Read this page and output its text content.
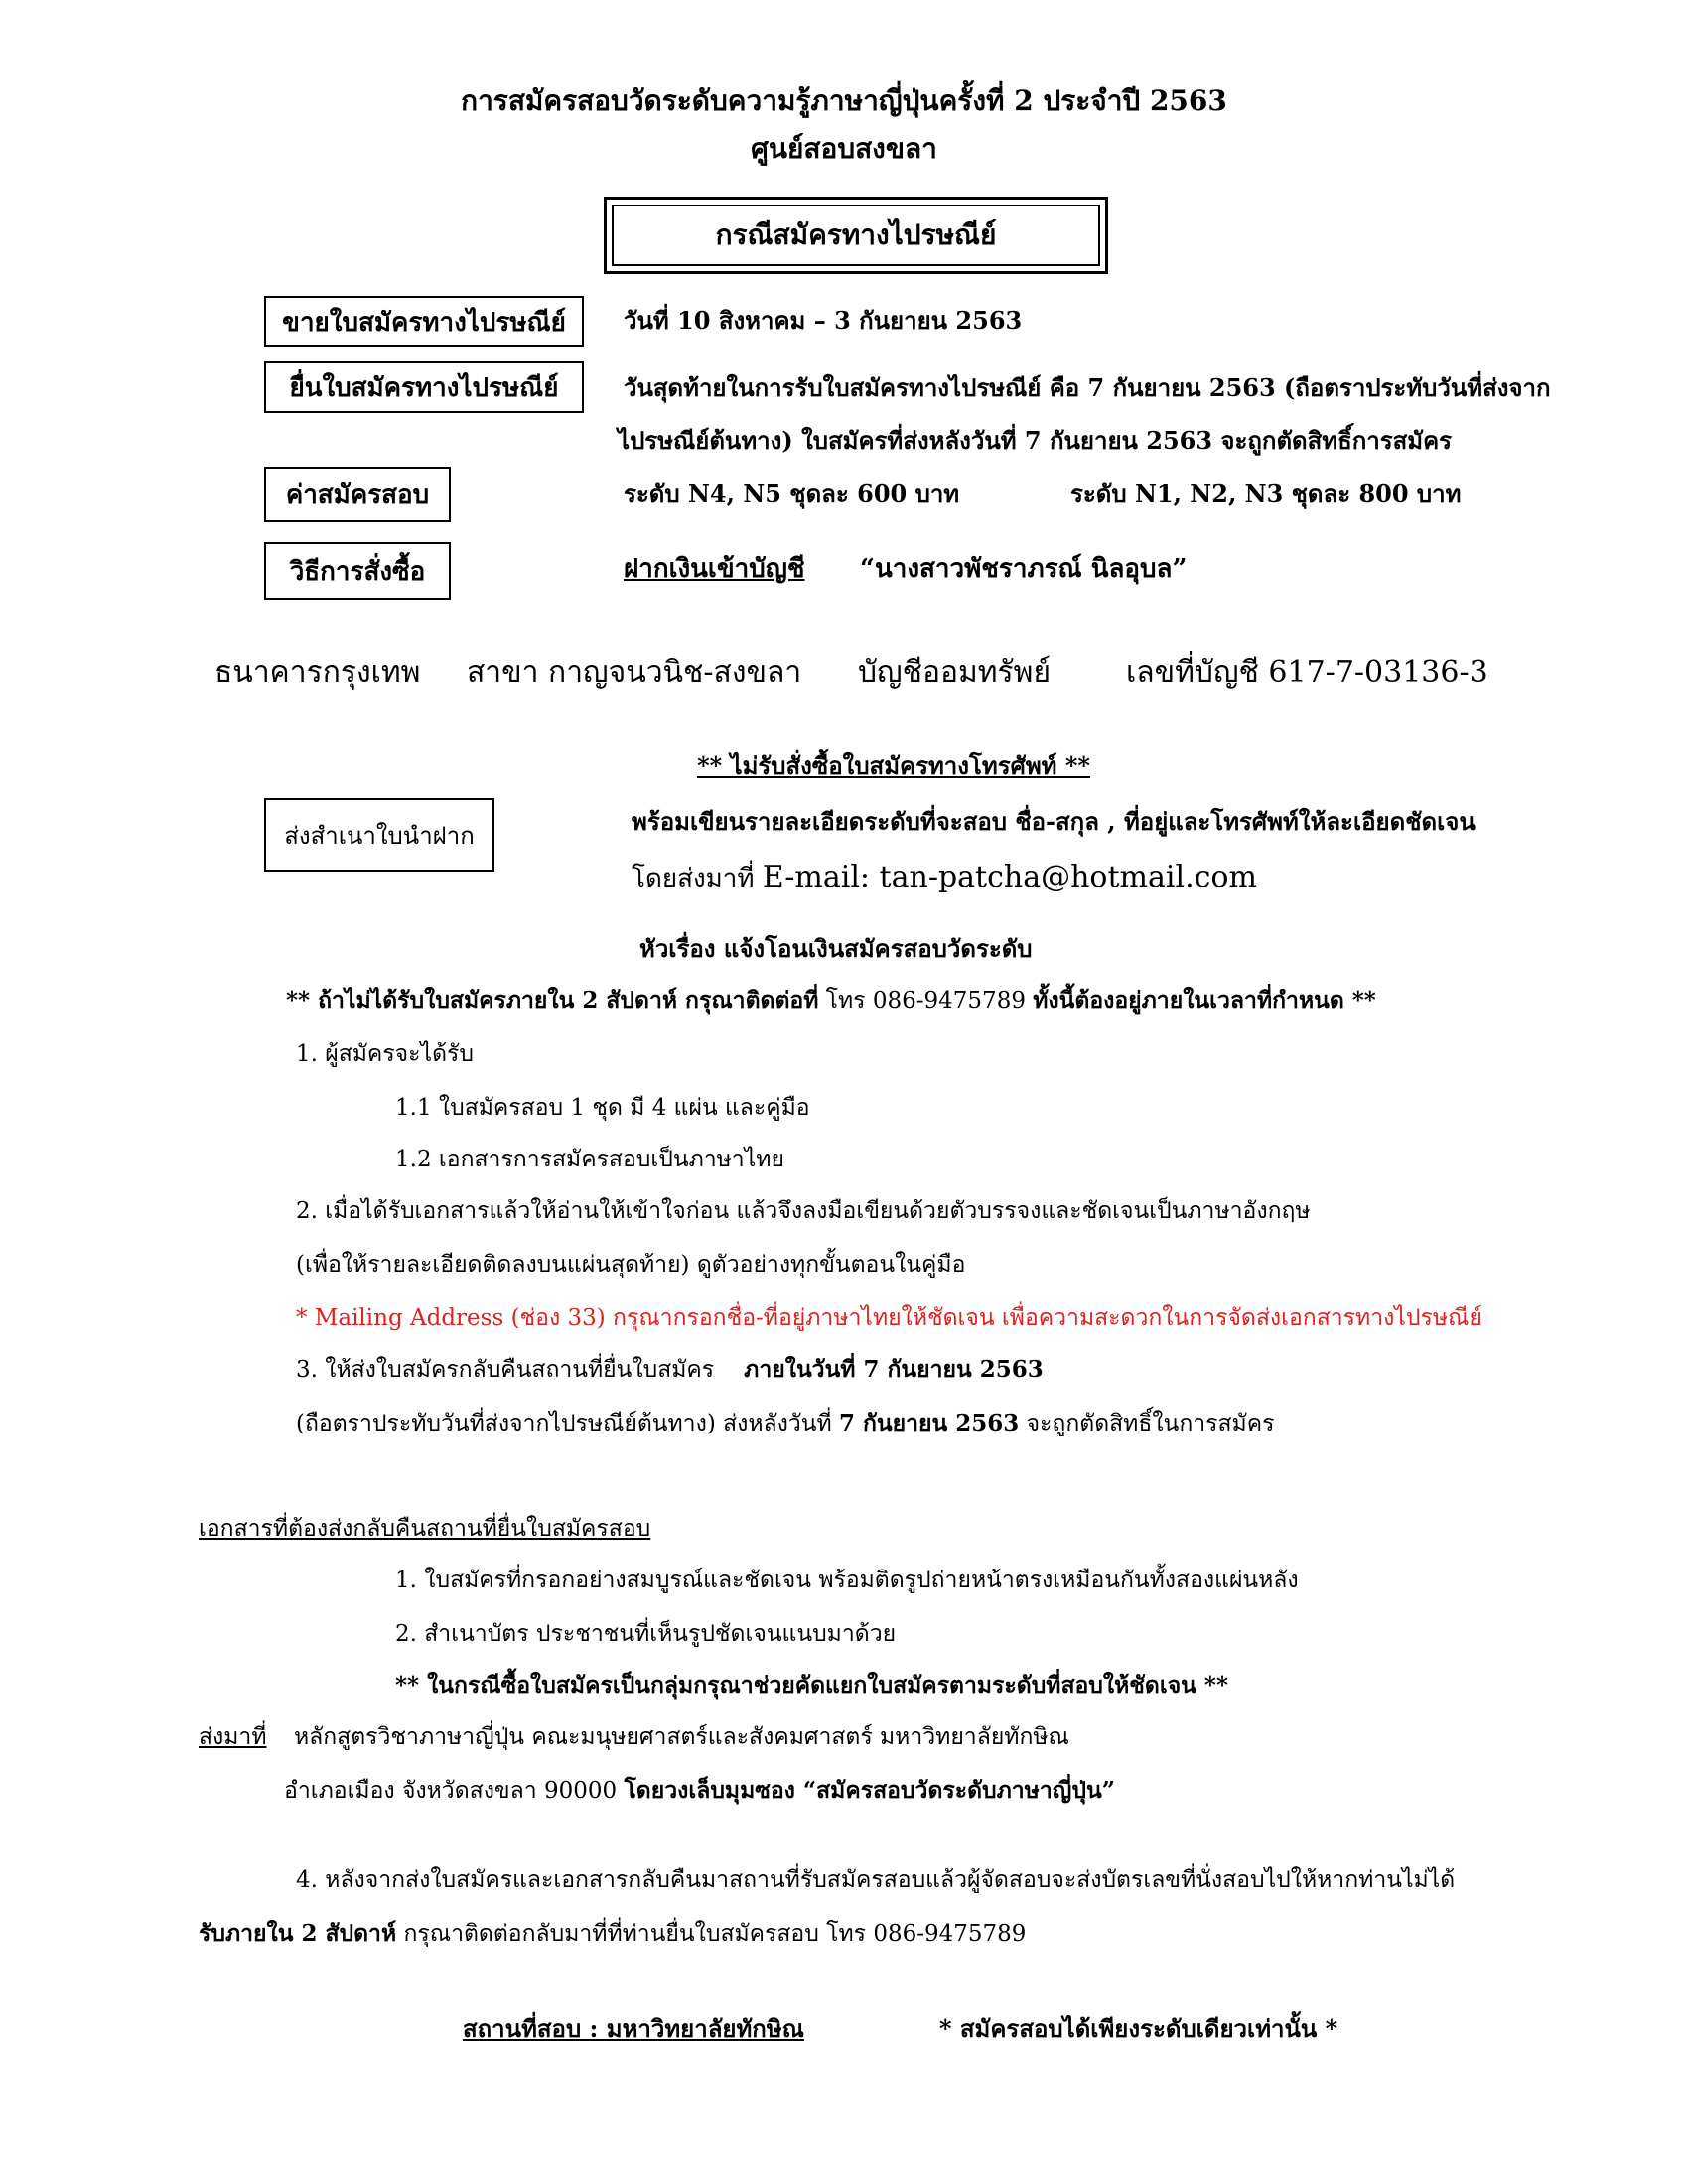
การสมัครสอบวัดระดับความรู้ภาษาญี่ปุ่นครั้งที่ 2 ประจำปี 2563
ศูนย์สอบสงขลา
กรณีสมัครทางไปรษณีย์
ขายใบสมัครทางไปรษณีย์ วันที่ 10 สิงหาคม – 3 กันยายน 2563
ยื่นใบสมัครทางไปรษณีย์	วันสุดท้ายในการรับใบสมัครทางไปรษณีย์ คือ 7 กันยายน 2563 (ถือตราประทับวันที่ส่งจาก
ไปรษณีย์ต้นทาง) ใบสมัครที่ส่งหลังวันที่ 7 กันยายน 2563 จะถูกตัดสิทธิ์การสมัคร
ค่าสมัครสอบ	ระดับ N4, N5 ชุดละ 600 บาท	ระดับ N1, N2, N3 ชุดละ 800 บาท
วิธีการสั่งซื้อ	ฝากเงินเข้าบัญชี “นางสาวพัชราภรณ์ นิลอุบล”
ธนาคารกรุงเทพ สาขา กาญจนวนิช-สงขลา บัญชีออมทรัพย์	เลขที่บัญชี 617-7-03136-3
** ไม่รับสั่งซื้อใบสมัครทางโทรศัพท์ **
ส่งสำเนาใบนำฝาก	พร้อมเขียนรายละเอียดระดับที่จะสอบ ชื่อ-สกุล , ที่อยู่และโทรศัพท์ให้ละเอียดชัดเจน
โดยส่งมาที่ E-mail: tan-patcha@hotmail.com
หัวเรื่อง แจ้งโอนเงินสมัครสอบวัดระดับ
** ถ้าไม่ได้รับใบสมัครภายใน 2 สัปดาห์ กรุณาติดต่อที่ โทร 086-9475789 ทั้งนี้ต้องอยู่ภายในเวลาที่กำหนด **
1. ผู้สมัครจะได้รับ
1.1 ใบสมัครสอบ 1 ชุด มี 4 แผ่น และคู่มือ
1.2 เอกสารการสมัครสอบเป็นภาษาไทย
2. เมื่อได้รับเอกสารแล้วให้อ่านให้เข้าใจก่อน แล้วจึงลงมือเขียนด้วยตัวบรรจงและชัดเจนเป็นภาษาอังกฤษ
(เพื่อให้รายละเอียดติดลงบนแผ่นสุดท้าย) ดูตัวอย่างทุกขั้นตอนในคู่มือ
* Mailing Address (ช่อง 33) กรุณากรอกชื่อ-ที่อยู่ภาษาไทยให้ชัดเจน เพื่อความสะดวกในการจัดส่งเอกสารทางไปรษณีย์
3. ให้ส่งใบสมัครกลับคืนสถานที่ยื่นใบสมัคร ภายในวันที่ 7 กันยายน 2563
(ถือตราประทับวันที่ส่งจากไปรษณีย์ต้นทาง) ส่งหลังวันที่ 7 กันยายน 2563 จะถูกตัดสิทธิ์ในการสมัคร
เอกสารที่ต้องส่งกลับคืนสถานที่ยื่นใบสมัครสอบ
1. ใบสมัครที่กรอกอย่างสมบูรณ์และชัดเจน พร้อมติดรูปถ่ายหน้าตรงเหมือนกันทั้งสองแผ่นหลัง
2. สำเนาบัตร ประชาชนที่เห็นรูปชัดเจนแนบมาด้วย
** ในกรณีซื้อใบสมัครเป็นกลุ่มกรุณาช่วยคัดแยกใบสมัครตามระดับที่สอบให้ชัดเจน **
ส่งมาที่ หลักสูตรวิชาภาษาญี่ปุ่น คณะมนุษยศาสตร์และสังคมศาสตร์ มหาวิทยาลัยทักษิณ
อำเภอเมือง จังหวัดสงขลา 90000 โดยวงเล็บมุมซอง “สมัครสอบวัดระดับภาษาญี่ปุ่น”
4. หลังจากส่งใบสมัครและเอกสารกลับคืนมาสถานที่รับสมัครสอบแล้วผู้จัดสอบจะส่งบัตรเลขที่นั่งสอบไปให้หากท่านไม่ได้
รับภายใน 2 สัปดาห์ กรุณาติดต่อกลับมาที่ที่ท่านยื่นใบสมัครสอบ โทร 086-9475789
สถานที่สอบ : มหาวิทยาลัยทักษิณ	* สมัครสอบได้เพียงระดับเดียวเท่านั้น *
